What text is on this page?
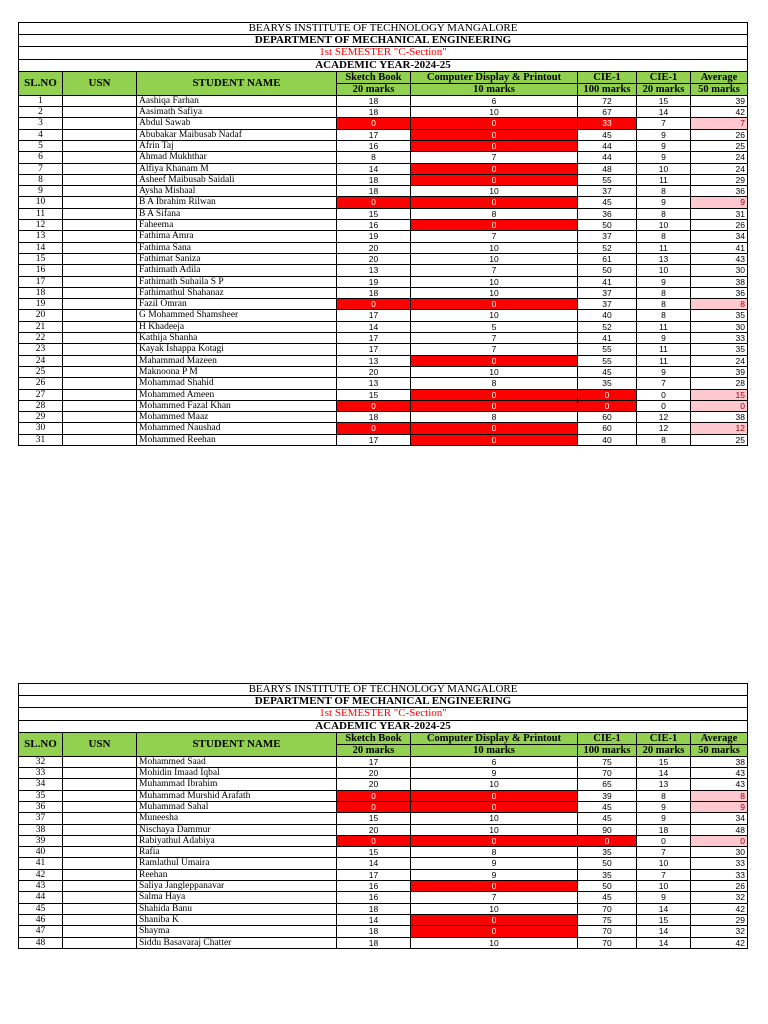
BEARYS INSTITUTE OF TECHNOLOGY MANGALORE							
DEPARTMENT OF MECHANICAL ENGINEERING							
1st SEMESTER "C-Section"							
ACADEMIC YEAR-2024-25							
SL.NO	USN	STUDENT NAME	Sketch Book	Computer Display & Printout	CIE-1	CIE-1	Average
			20 marks	10 marks	100 marks	20 marks	50 marks
1		Aashiqa Farhan	18	6	72	15	39
2		Aasimath Safiya	18	10	67	14	42
3		Abdul Sawab	0	0	33	7	7
4		Abubakar Maibusab Nadaf	17	0	45	9	26
5		Afrin Taj	16	0	44	9	25
6		Ahmad Mukhthar	8	7	44	9	24
7		Alfiya Khanam M	14	0	48	10	24
8		Asheef Maibusab Saidali	18	0	55	11	29
9		Aysha Mishaal	18	10	37	8	36
10		B A Ibrahim Rilwan	0	0	45	9	9
11		B A Sifana	15	8	36	8	31
12		Faheema	16	0	50	10	26
13		Fathima Amra	19	7	37	8	34
14		Fathima Sana	20	10	52	11	41
15		Fathimat Saniza	20	10	61	13	43
16		Fathimath Adila	13	7	50	10	30
17		Fathimath Suhaila S P	19	10	41	9	38
18		Fathimathul Shahanaz	18	10	37	8	36
19		Fazil Omran	0	0	37	8	8
20		G Mohammed Shamsheer	17	10	40	8	35
21		H Khadeeja	14	5	52	11	30
22		Kathija Shanha	17	7	41	9	33
23		Kayak Ishappa Kotagi	17	7	55	11	35
24		Mahammad Mazeen	13	0	55	11	24
25		Maknoona P M	20	10	45	9	39
26		Mohammad Shahid	13	8	35	7	28
27		Mohammed Ameen	15	0	0	0	15
28		Mohammed Fazal Khan	0	0	0	0	0
29		Mohammed Maaz	18	8	60	12	38
30		Mohammed Naushad	0	0	60	12	12
31		Mohammed Reehan	17	0	40	8	25
BEARYS INSTITUTE OF TECHNOLOGY MANGALORE							
DEPARTMENT OF MECHANICAL ENGINEERING							
1st SEMESTER "C-Section"							
ACADEMIC YEAR-2024-25							
SL.NO	USN	STUDENT NAME	Sketch Book	Computer Display & Printout	CIE-1	CIE-1	Average
			20 marks	10 marks	100 marks	20 marks	50 marks
32		Mohammed Saad	17	6	75	15	38
33		Mohidin Imaad Iqbal	20	9	70	14	43
34		Muhammad Ibrahim	20	10	65	13	43
35		Muhammad Murshid Arafath	0	0	39	8	8
36		Muhammad Sahal	0	0	45	9	9
37		Muneesha	15	10	45	9	34
38		Nischaya Dammur	20	10	90	18	48
39		Rabiyathul Adabiya	0	0	0	0	0
40		Rafia	15	8	35	7	30
41		Ramlathul Umaira	14	9	50	10	33
42		Reehan	17	9	35	7	33
43		Saliya Jangleppanavar	16	0	50	10	26
44		Salma Haya	16	7	45	9	32
45		Shahida Banu	18	10	70	14	42
46		Shaniba K	14	0	75	15	29
47		Shayma	18	0	70	14	32
48		Siddu Basavaraj Chatter	18	10	70	14	42
